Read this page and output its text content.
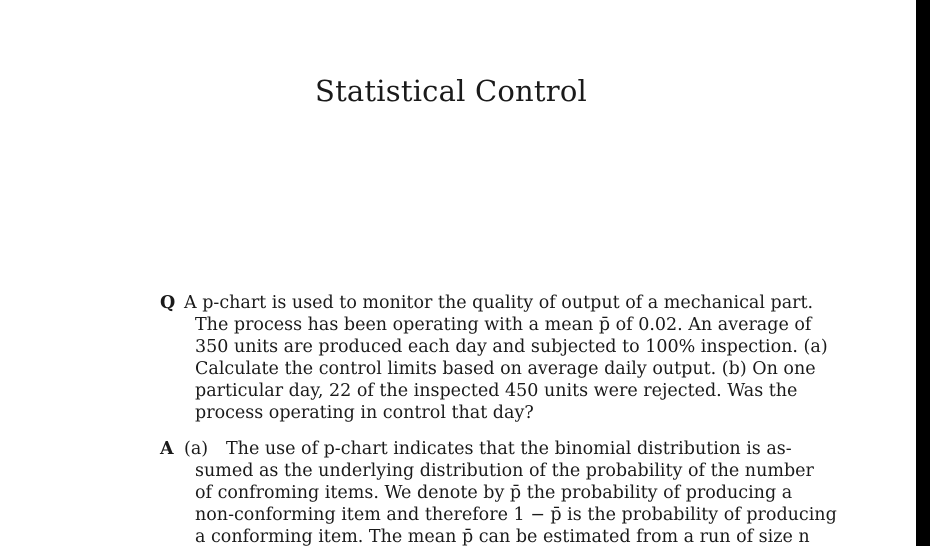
Statistical Control
Q A p-chart is used to monitor the quality of output of a mechanical part.
The process has been operating with a mean p̄ of 0.02. An average of
350 units are produced each day and subjected to 100% inspection. (a)
Calculate the control limits based on average daily output. (b) On one
particular day, 22 of the inspected 450 units were rejected. Was the
process operating in control that day?
A (a) The use of p-chart indicates that the binomial distribution is as-
sumed as the underlying distribution of the probability of the number
of confroming items. We denote by p̄ the probability of producing a
non-conforming item and therefore 1 − p̄ is the probability of producing
a conforming item. The mean p̄ can be estimated from a run of size n
